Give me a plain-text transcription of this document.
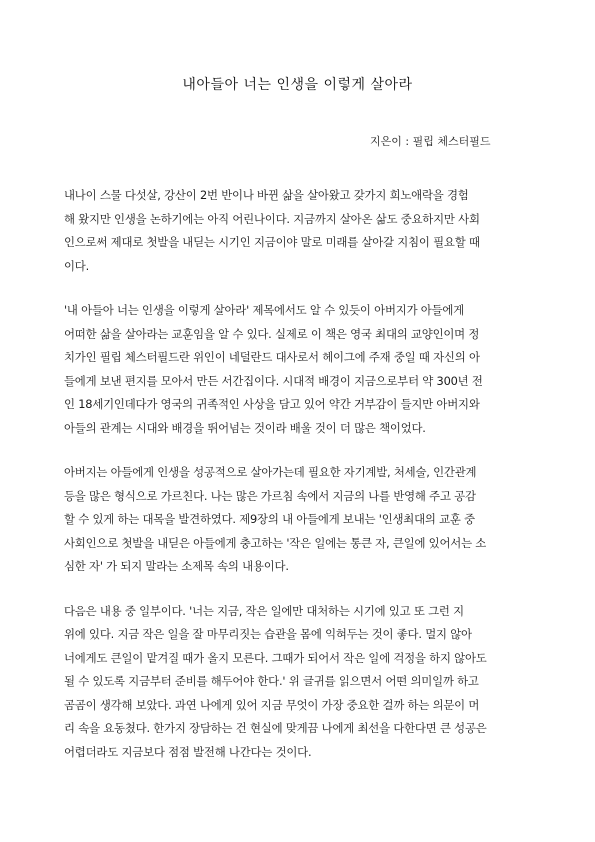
내아들아 너는 인생을 이렇게 살아라
지은이 : 필립 체스터필드
내나이 스물 다섯살, 강산이 2번 반이나 바뀐 삶을 살아왔고 갖가지 희노애락을 경험
해 왔지만 인생을 논하기에는 아직 어린나이다. 지금까지 살아온 삶도 중요하지만 사회
인으로써 제대로 첫발을 내딛는 시기인 지금이야 말로 미래를 살아갈 지침이 필요할 때
이다.
'내 아들아 너는 인생을 이렇게 살아라' 제목에서도 알 수 있듯이 아버지가 아들에게
어떠한 삶을 살아라는 교훈임을 알 수 있다. 실제로 이 책은 영국 최대의 교양인이며 정
치가인 필립 체스터필드란 위인이 네덜란드 대사로서 헤이그에 주재 중일 때 자신의 아
들에게 보낸 편지를 모아서 만든 서간집이다. 시대적 배경이 지금으로부터 약 300년 전
인 18세기인데다가 영국의 귀족적인 사상을 담고 있어 약간 거부감이 들지만 아버지와
아들의 관계는 시대와 배경을 뛰어넘는 것이라 배울 것이 더 많은 책이었다.
아버지는 아들에게 인생을 성공적으로 살아가는데 필요한 자기계발, 처세술, 인간관계
등을 많은 형식으로 가르친다. 나는 많은 가르침 속에서 지금의 나를 반영해 주고 공감
할 수 있게 하는 대목을 발견하였다. 제9장의 내 아들에게 보내는 '인생최대의 교훈 중
사회인으로 첫발을 내딛은 아들에게 충고하는 '작은 일에는 통큰 자, 큰일에 있어서는 소
심한 자' 가 되지 말라는 소제목 속의 내용이다.
다음은 내용 중 일부이다. '너는 지금, 작은 일에만 대처하는 시기에 있고 또 그런 지
위에 있다. 지금 작은 일을 잘 마무리짓는 습관을 몸에 익혀두는 것이 좋다. 멀지 않아
너에게도 큰일이 맡겨질 때가 올지 모른다. 그때가 되어서 작은 일에 걱정을 하지 않아도
될 수 있도록 지금부터 준비를 해두어야 한다.' 위 글귀를 읽으면서 어떤 의미일까 하고
곰곰이 생각해 보았다. 과연 나에게 있어 지금 무엇이 가장 중요한 걸까 하는 의문이 머
리 속을 요동쳤다. 한가지 장담하는 건 현실에 맞게끔 나에게 최선을 다한다면 큰 성공은
어렵더라도 지금보다 점점 발전해 나간다는 것이다.
